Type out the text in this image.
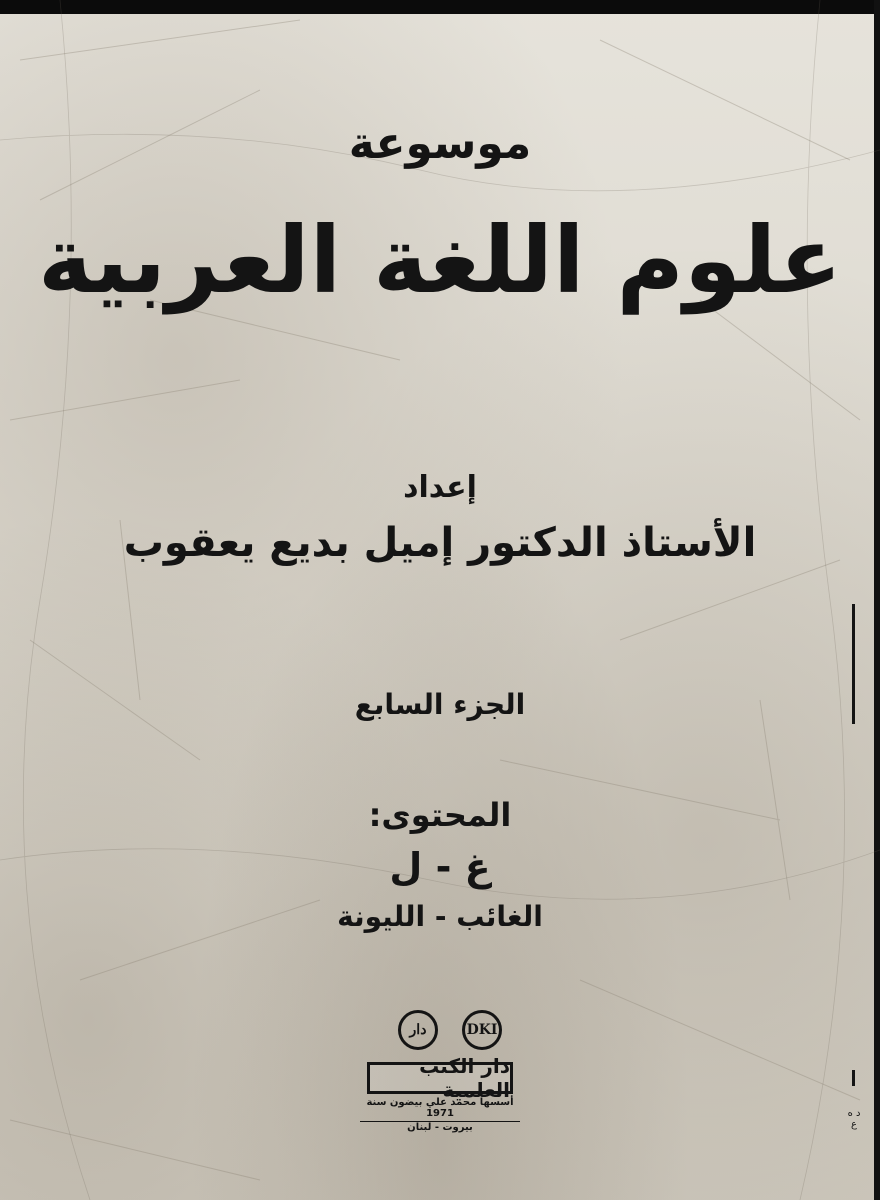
موسوعة
علوم اللغة العربية
إعداد
الأستاذ الدكتور إميل بديع يعقوب
الجزء السابع
المحتوى:
غ - ل
الغائب - الليونة
دار	DKI
دار الكتب العلمية
أسسها محمد علي بيضون سنة 1971
بيروت - لبنان
د ه ع
